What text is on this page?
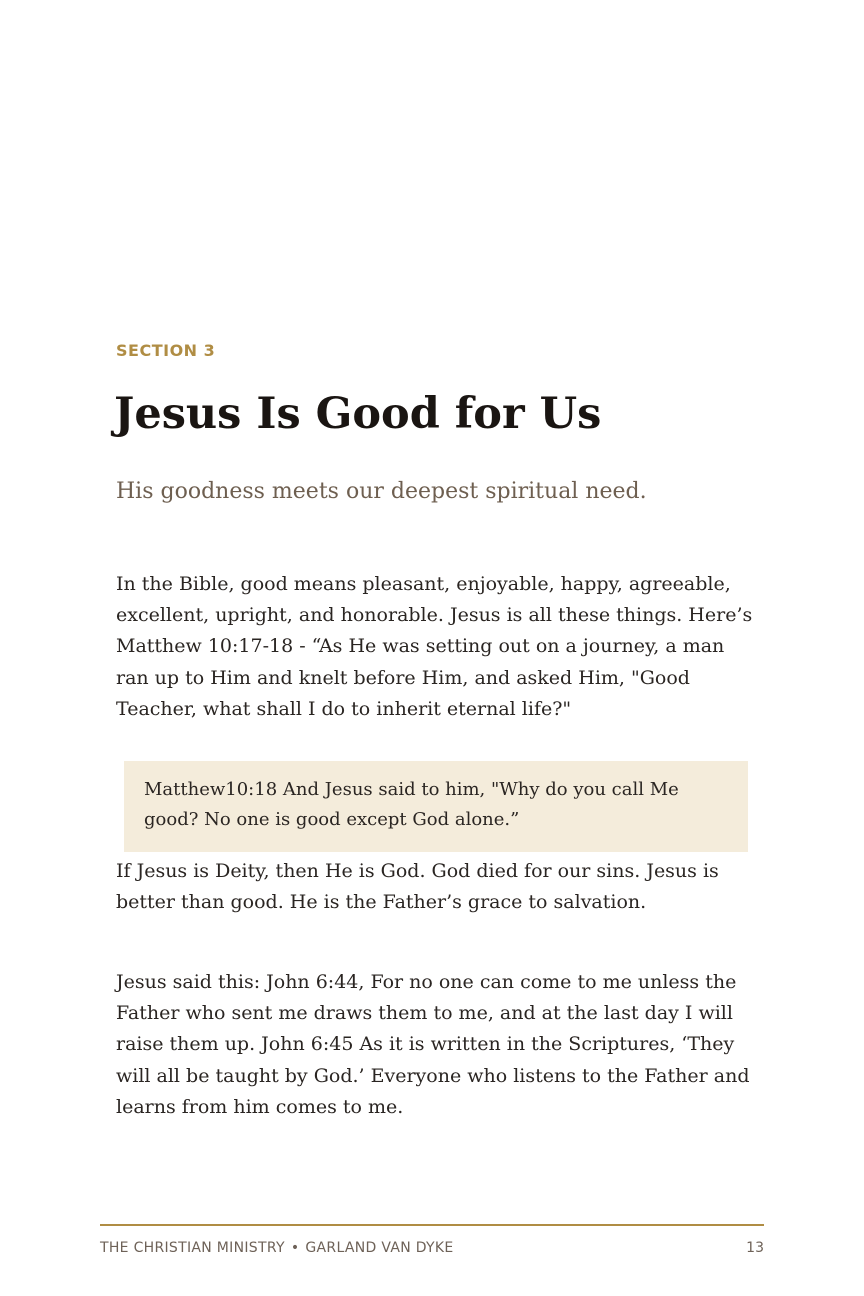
SECTION 3
Jesus Is Good for Us
His goodness meets our deepest spiritual need.

In the Bible, good means pleasant, enjoyable, happy, agreeable, excellent, upright, and honorable. Jesus is all these things. Here’s Matthew 10:17-18 - “As He was setting out on a journey, a man ran up to Him and knelt before Him, and asked Him, "Good Teacher, what shall I do to inherit eternal life?"

Matthew10:18 And Jesus said to him, "Why do you call Me good? No one is good except God alone.”

If Jesus is Deity, then He is God. God died for our sins. Jesus is better than good. He is the Father’s grace to salvation.

Jesus said this: John 6:44, For no one can come to me unless the Father who sent me draws them to me, and at the last day I will raise them up. John 6:45 As it is written in the Scriptures, ‘They will all be taught by God.’ Everyone who listens to the Father and learns from him comes to me.

THE CHRISTIAN MINISTRY • GARLAND VAN DYKE	13
